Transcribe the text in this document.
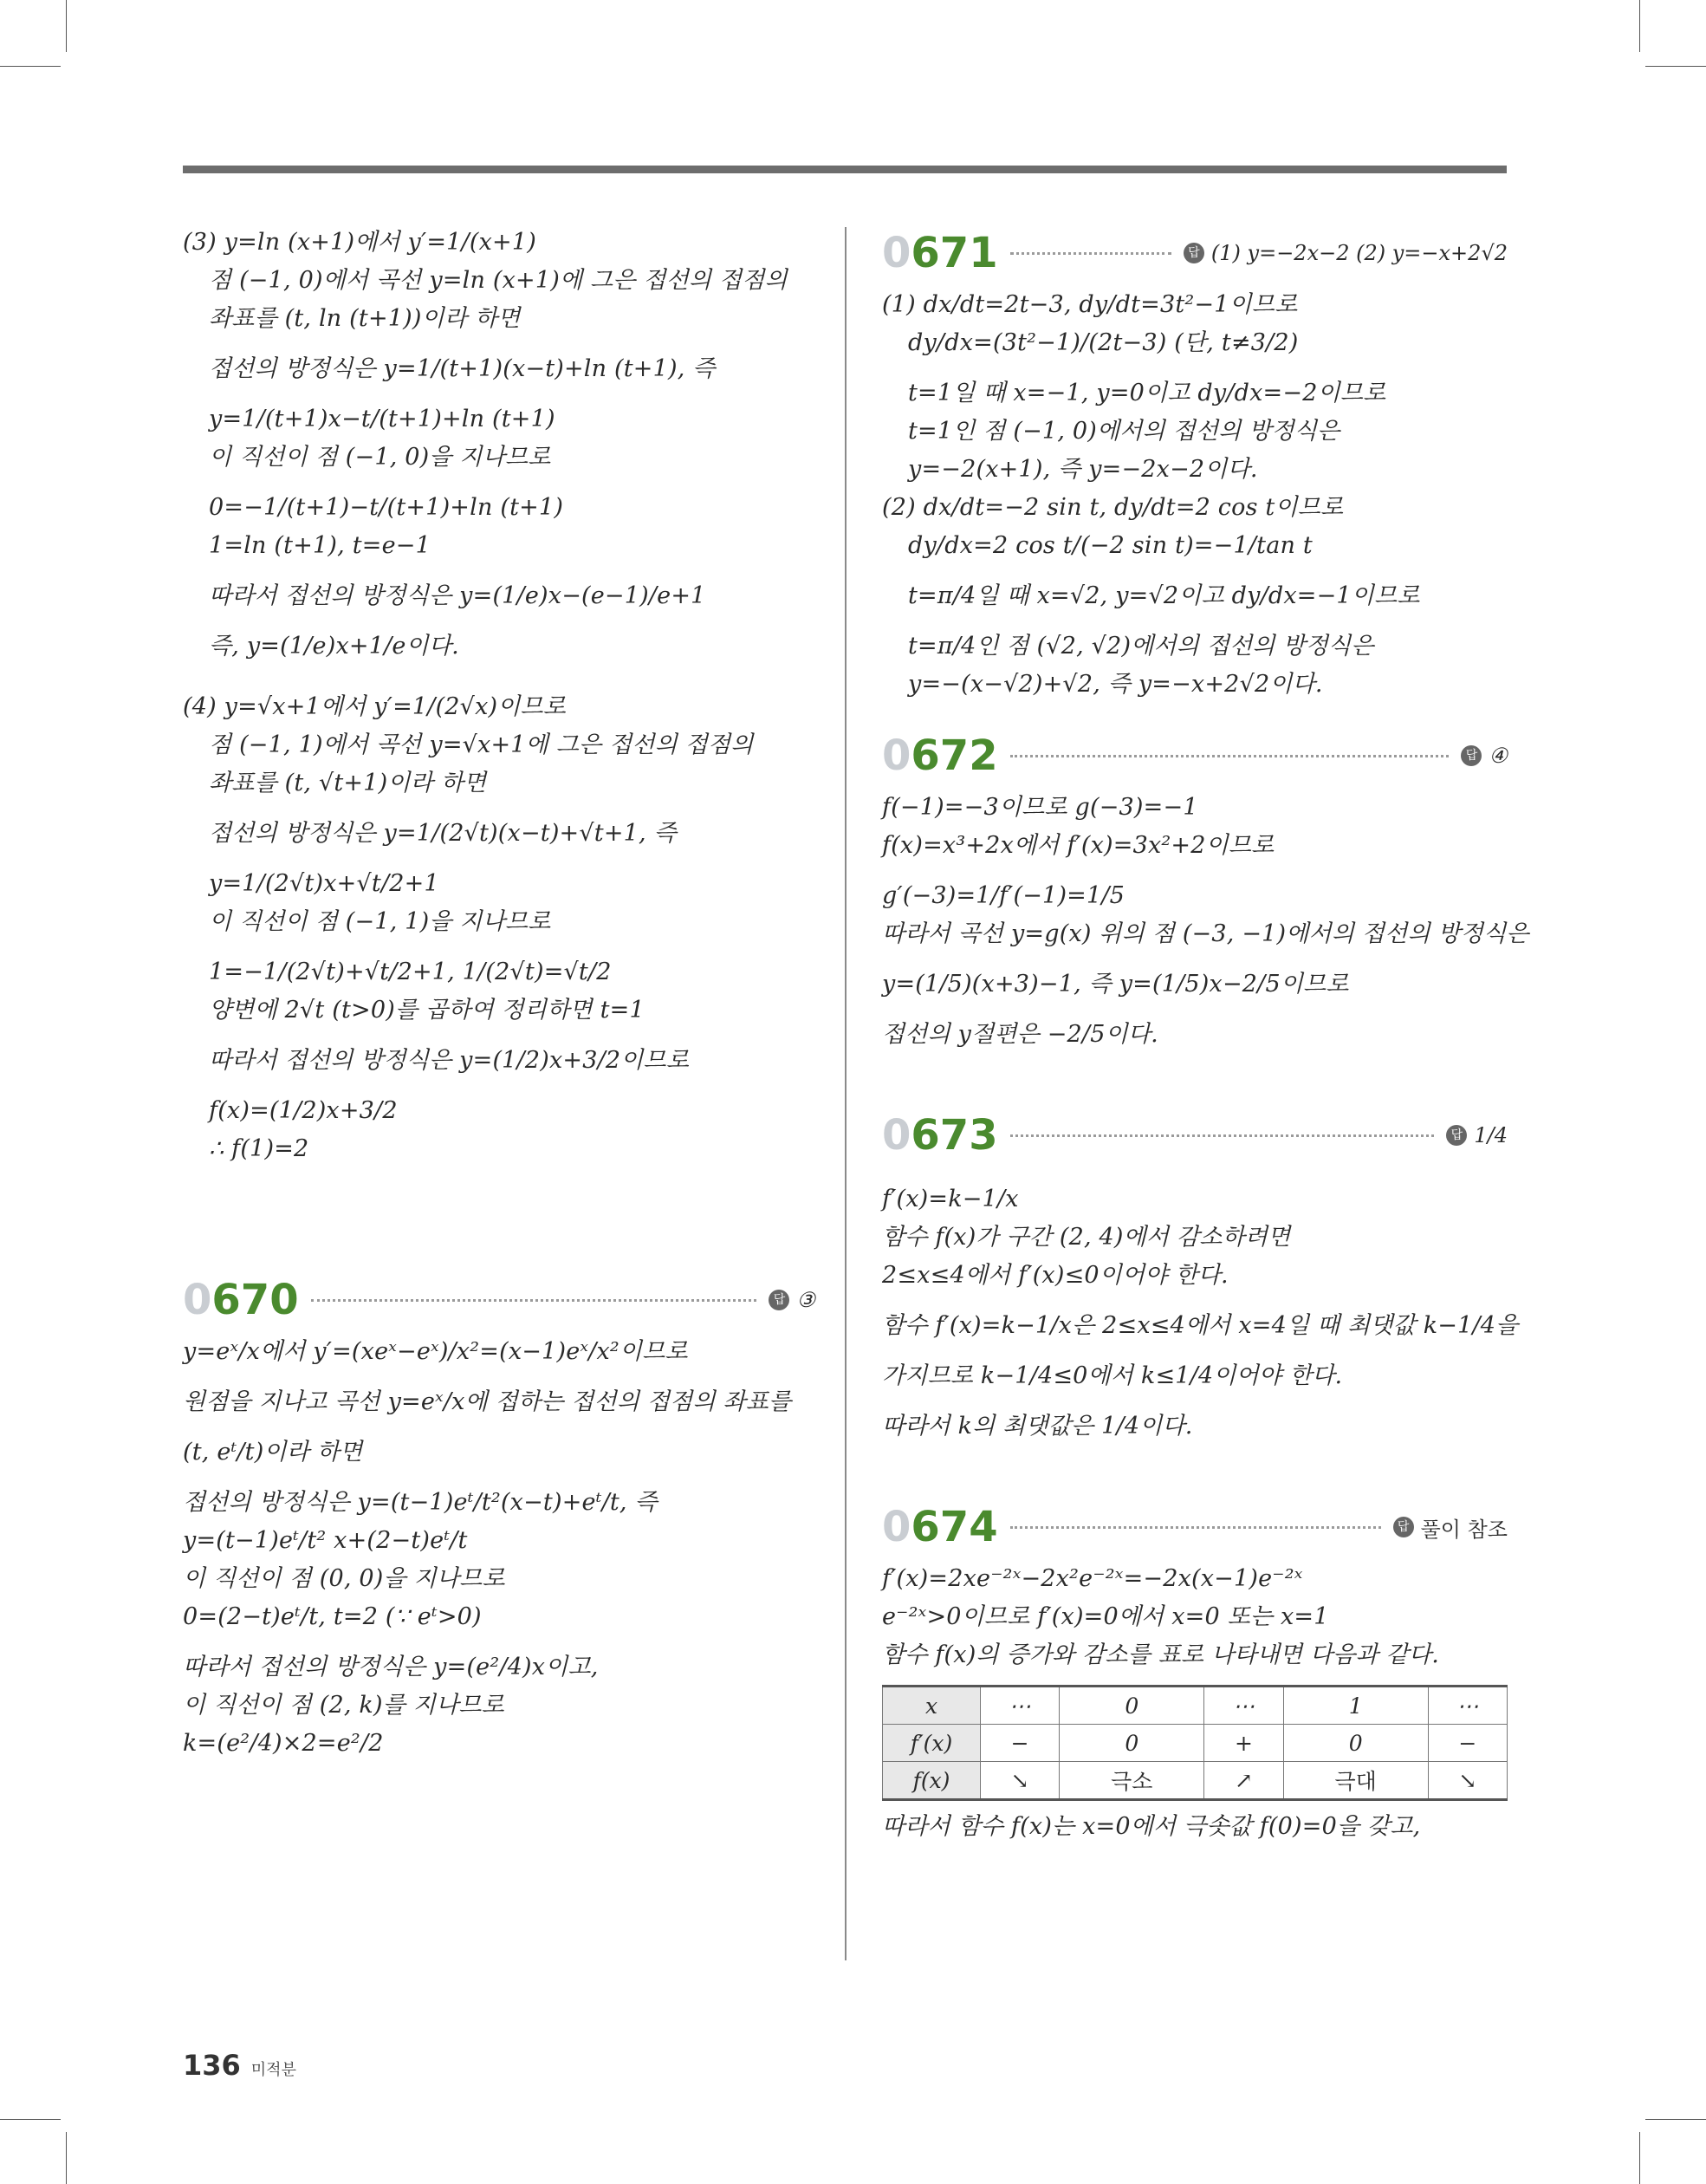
(3) y=ln (x+1)에서 y′=1/(x+1)
점 (−1, 0)에서 곡선 y=ln (x+1)에 그은 접선의 접점의
좌표를 (t, ln (t+1))이라 하면
접선의 방정식은 y=1/(t+1)(x−t)+ln (t+1), 즉
y=1/(t+1)x−t/(t+1)+ln (t+1)
이 직선이 점 (−1, 0)을 지나므로
0=−1/(t+1)−t/(t+1)+ln (t+1)
1=ln (t+1), t=e−1
따라서 접선의 방정식은 y=(1/e)x−(e−1)/e+1
즉, y=(1/e)x+1/e이다.
(4) y=√x+1에서 y′=1/(2√x)이므로
점 (−1, 1)에서 곡선 y=√x+1에 그은 접선의 접점의
좌표를 (t, √t+1)이라 하면
접선의 방정식은 y=1/(2√t)(x−t)+√t+1, 즉
y=1/(2√t)x+√t/2+1
이 직선이 점 (−1, 1)을 지나므로
1=−1/(2√t)+√t/2+1, 1/(2√t)=√t/2
양변에 2√t (t>0)를 곱하여 정리하면 t=1
따라서 접선의 방정식은 y=(1/2)x+3/2이므로
f(x)=(1/2)x+3/2
∴ f(1)=2
0670	답 ③
y=eˣ/x에서 y′=(xeˣ−eˣ)/x²=(x−1)eˣ/x²이므로
원점을 지나고 곡선 y=eˣ/x에 접하는 접선의 접점의 좌표를
(t, eᵗ/t)이라 하면
접선의 방정식은 y=(t−1)eᵗ/t²(x−t)+eᵗ/t, 즉
y=(t−1)eᵗ/t² x+(2−t)eᵗ/t
이 직선이 점 (0, 0)을 지나므로
0=(2−t)eᵗ/t, t=2 (∵ eᵗ>0)
따라서 접선의 방정식은 y=(e²/4)x이고,
이 직선이 점 (2, k)를 지나므로
k=(e²/4)×2=e²/2
0671	답 (1) y=−2x−2 (2) y=−x+2√2
(1) dx/dt=2t−3, dy/dt=3t²−1이므로
dy/dx=(3t²−1)/(2t−3) (단, t≠3/2)
t=1일 때 x=−1, y=0이고 dy/dx=−2이므로
t=1인 점 (−1, 0)에서의 접선의 방정식은
y=−2(x+1), 즉 y=−2x−2이다.
(2) dx/dt=−2 sin t, dy/dt=2 cos t이므로
dy/dx=2 cos t/(−2 sin t)=−1/tan t
t=π/4일 때 x=√2, y=√2이고 dy/dx=−1이므로
t=π/4인 점 (√2, √2)에서의 접선의 방정식은
y=−(x−√2)+√2, 즉 y=−x+2√2이다.
0672	답 ④
f(−1)=−3이므로 g(−3)=−1
f(x)=x³+2x에서 f′(x)=3x²+2이므로
g′(−3)=1/f′(−1)=1/5
따라서 곡선 y=g(x) 위의 점 (−3, −1)에서의 접선의 방정식은
y=(1/5)(x+3)−1, 즉 y=(1/5)x−2/5이므로
접선의 y절편은 −2/5이다.
0673	답 1/4
f′(x)=k−1/x
함수 f(x)가 구간 (2, 4)에서 감소하려면
2≤x≤4에서 f′(x)≤0이어야 한다.
함수 f′(x)=k−1/x은 2≤x≤4에서 x=4일 때 최댓값 k−1/4을
가지므로 k−1/4≤0에서 k≤1/4이어야 한다.
따라서 k의 최댓값은 1/4이다.
0674	답 풀이 참조
f′(x)=2xe⁻²ˣ−2x²e⁻²ˣ=−2x(x−1)e⁻²ˣ
e⁻²ˣ>0이므로 f′(x)=0에서 x=0 또는 x=1
함수 f(x)의 증가와 감소를 표로 나타내면 다음과 같다.
x	⋯	0	⋯	1	⋯
f′(x)	−	0	+	0	−
f(x)	↘	극소	↗	극대	↘
따라서 함수 f(x)는 x=0에서 극솟값 f(0)=0을 갖고,
136 미적분
